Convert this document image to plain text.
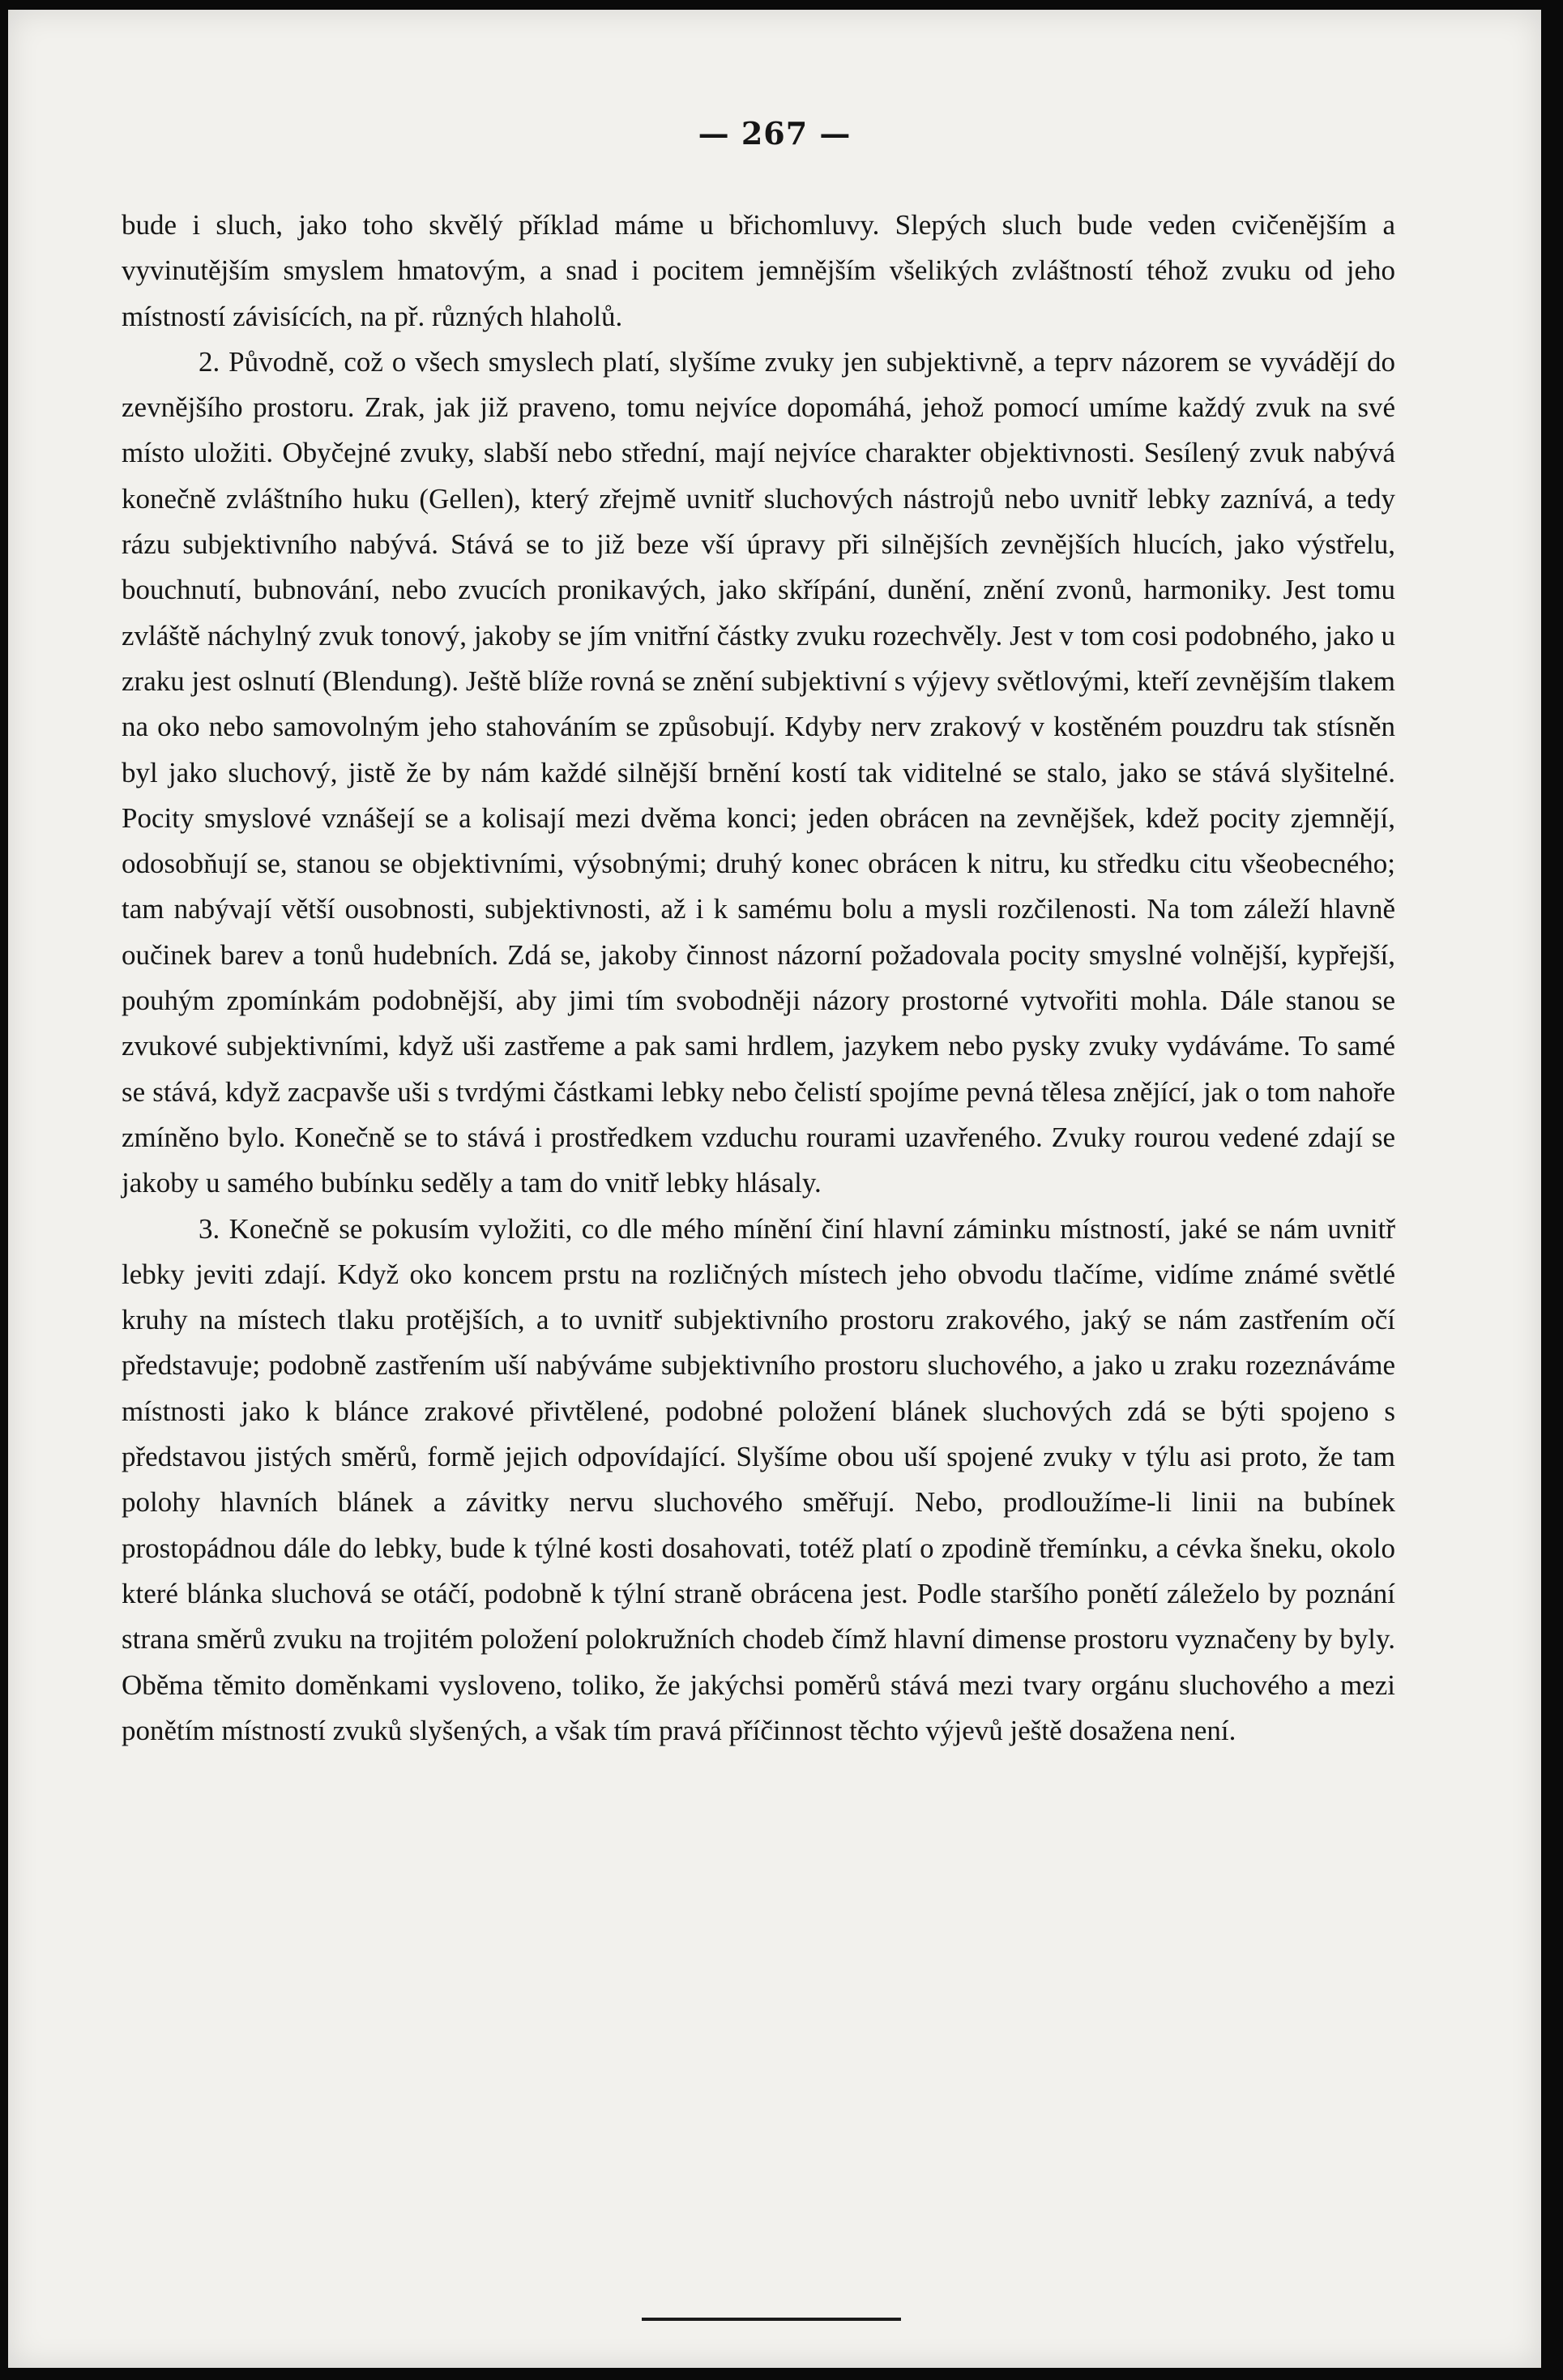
— 267 —

bude i sluch, jako toho skvělý příklad máme u břichomluvy. Slepých sluch bude veden cvičenějším a vyvinutějším smyslem hmatovým, a snad i pocitem jemnějším všelikých zvláštností téhož zvuku od jeho místností závisících, na př. různých hlaholů.

2. Původně, což o všech smyslech platí, slyšíme zvuky jen subjektivně, a teprv názorem se vyvádějí do zevnějšího prostoru. Zrak, jak již praveno, tomu nejvíce dopomáhá, jehož pomocí umíme každý zvuk na své místo uložiti. Obyčejné zvuky, slabší nebo střední, mají nejvíce charakter objektivnosti. Sesílený zvuk nabývá konečně zvláštního huku (Gellen), který zřejmě uvnitř sluchových nástrojů nebo uvnitř lebky zaznívá, a tedy rázu subjektivního nabývá. Stává se to již beze vší úpravy při silnějších zevnějších hlucích, jako výstřelu, bouchnutí, bubnování, nebo zvucích pronikavých, jako skřípání, dunění, znění zvonů, harmoniky. Jest tomu zvláště náchylný zvuk tonový, jakoby se jím vnitřní částky zvuku rozechvěly. Jest v tom cosi podobného, jako u zraku jest oslnutí (Blendung). Ještě blíže rovná se znění subjektivní s výjevy světlovými, kteří zevnějším tlakem na oko nebo samovolným jeho stahováním se způsobují. Kdyby nerv zrakový v kostěném pouzdru tak stísněn byl jako sluchový, jistě že by nám každé silnější brnění kostí tak viditelné se stalo, jako se stává slyšitelné. Pocity smyslové vznášejí se a kolisají mezi dvěma konci; jeden obrácen na zevnějšek, kdež pocity zjemnějí, odosobňují se, stanou se objektivními, výsobnými; druhý konec obrácen k nitru, ku středku citu všeobecného; tam nabývají větší ousobnosti, subjektivnosti, až i k samému bolu a mysli rozčilenosti. Na tom záleží hlavně oučinek barev a tonů hudebních. Zdá se, jakoby činnost názorní požadovala pocity smyslné volnější, kypřejší, pouhým zpomínkám podobnější, aby jimi tím svobodněji názory prostorné vytvořiti mohla. Dále stanou se zvukové subjektivními, když uši zastřeme a pak sami hrdlem, jazykem nebo pysky zvuky vydáváme. To samé se stává, když zacpavše uši s tvrdými částkami lebky nebo čelistí spojíme pevná tělesa znějící, jak o tom nahoře zmíněno bylo. Konečně se to stává i prostředkem vzduchu rourami uzavřeného. Zvuky rourou vedené zdají se jakoby u samého bubínku seděly a tam do vnitř lebky hlásaly.

3. Konečně se pokusím vyložiti, co dle mého mínění činí hlavní záminku místností, jaké se nám uvnitř lebky jeviti zdají. Když oko koncem prstu na rozličných místech jeho obvodu tlačíme, vidíme známé světlé kruhy na místech tlaku protějších, a to uvnitř subjektivního prostoru zrakového, jaký se nám zastřením očí představuje; podobně zastřením uší nabýváme subjektivního prostoru sluchového, a jako u zraku rozeznáváme místnosti jako k blánce zrakové přivtělené, podobné položení blánek sluchových zdá se býti spojeno s představou jistých směrů, formě jejich odpovídající. Slyšíme obou uší spojené zvuky v týlu asi proto, že tam polohy hlavních blánek a závitky nervu sluchového směřují. Nebo, prodloužíme-li linii na bubínek prostopádnou dále do lebky, bude k týlné kosti dosahovati, totéž platí o zpodině třemínku, a cévka šneku, okolo které blánka sluchová se otáčí, podobně k týlní straně obrácena jest. Podle staršího ponětí záleželo by poznání strana směrů zvuku na trojitém položení polokružních chodeb čímž hlavní dimense prostoru vyznačeny by byly. Oběma těmito doměnkami vysloveno, toliko, že jakýchsi poměrů stává mezi tvary orgánu sluchového a mezi ponětím místností zvuků slyšených, a však tím pravá příčinnost těchto výjevů ještě dosažena není.
